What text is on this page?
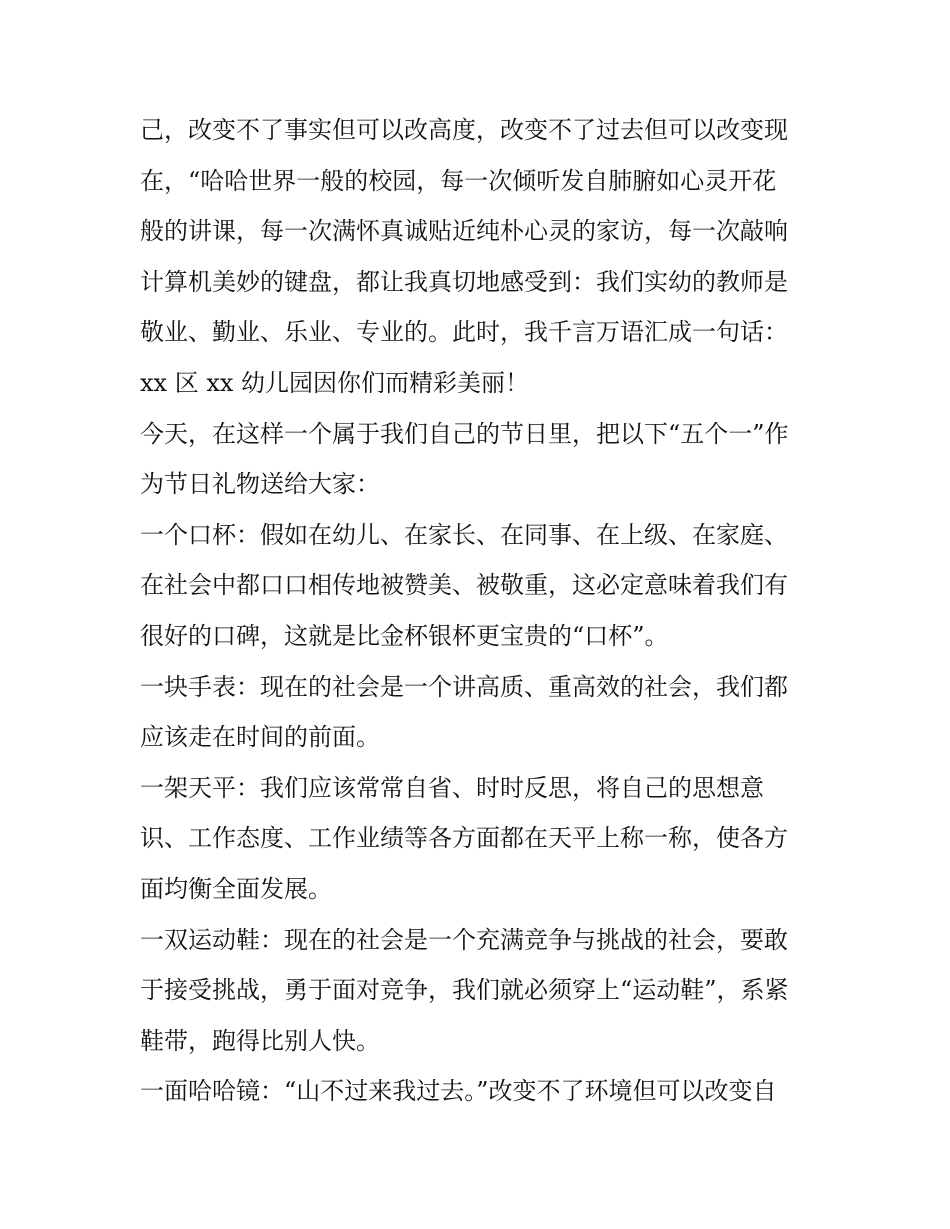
己，改变不了事实但可以改高度，改变不了过去但可以改变现
在，“哈哈世界一般的校园，每一次倾听发自肺腑如心灵开花
般的讲课，每一次满怀真诚贴近纯朴心灵的家访，每一次敲响
计算机美妙的键盘，都让我真切地感受到：我们实幼的教师是
敬业、勤业、乐业、专业的。此时，我千言万语汇成一句话：
xx 区 xx 幼儿园因你们而精彩美丽！
今天，在这样一个属于我们自己的节日里，把以下“五个一”作
为节日礼物送给大家：
一个口杯：假如在幼儿、在家长、在同事、在上级、在家庭、
在社会中都口口相传地被赞美、被敬重，这必定意味着我们有
很好的口碑，这就是比金杯银杯更宝贵的“口杯”。
一块手表：现在的社会是一个讲高质、重高效的社会，我们都
应该走在时间的前面。
一架天平：我们应该常常自省、时时反思，将自己的思想意
识、工作态度、工作业绩等各方面都在天平上称一称，使各方
面均衡全面发展。
一双运动鞋：现在的社会是一个充满竞争与挑战的社会，要敢
于接受挑战，勇于面对竞争，我们就必须穿上“运动鞋”，系紧
鞋带，跑得比别人快。
一面哈哈镜：“山不过来我过去。”改变不了环境但可以改变自
